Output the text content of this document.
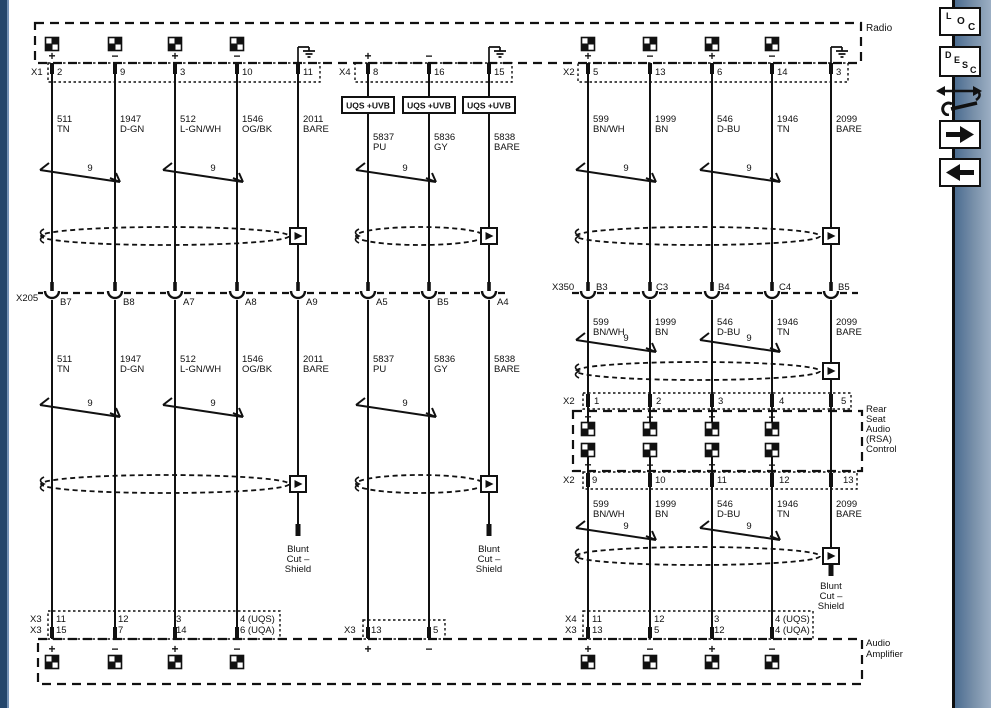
UQS +UVB UQS +UVB UQS +UVB
Radio
Rear
Seat
Audio
(RSA)
Control
Audio
Amplifier
X1	X4	X2
X205
X350
X2
X2
X3
X3	X3
X4
X3
2	9	3	10	11	8	16	15	5	13	6	14	3
B7	B8	A7	A8	A9	A5	B5	A4
B3	C3	B4	C4	B5
1	2	3	4	5
9	10	11	12	13
11	12	3	4 (UQS)
15	7	14	6 (UQA)	13	5
11	12	3	4 (UQS)
13	5	12	4 (UQA)
511
TN
1947
D-GN
512
L-GN/WH
1546
OG/BK
2011
BARE
5837
PU
5836
GY
5838
BARE
599
BN/WH
1999
BN
546
D-BU
1946
TN
2099
BARE
511
TN
1947
D-GN
512
L-GN/WH
1546
OG/BK
2011
BARE
5837
PU
5836
GY
5838
BARE
599
BN/WH
1999
BN
546
D-BU
1946
TN
2099
BARE
599
BN/WH
1999
BN
546
D-BU
1946
TN
2099
BARE
+	−	+	−	+	−	+	−	+	−
+	−	+	−
+	−	+	−
+	−	+	−	+	−	+	−	+	−
9	9	9	9	9
9	9	9
9	9
9	9
Blunt
Cut –
Shield
Blunt
Cut –
Shield
Blunt
Cut –
Shield
L O
C
D E S C
